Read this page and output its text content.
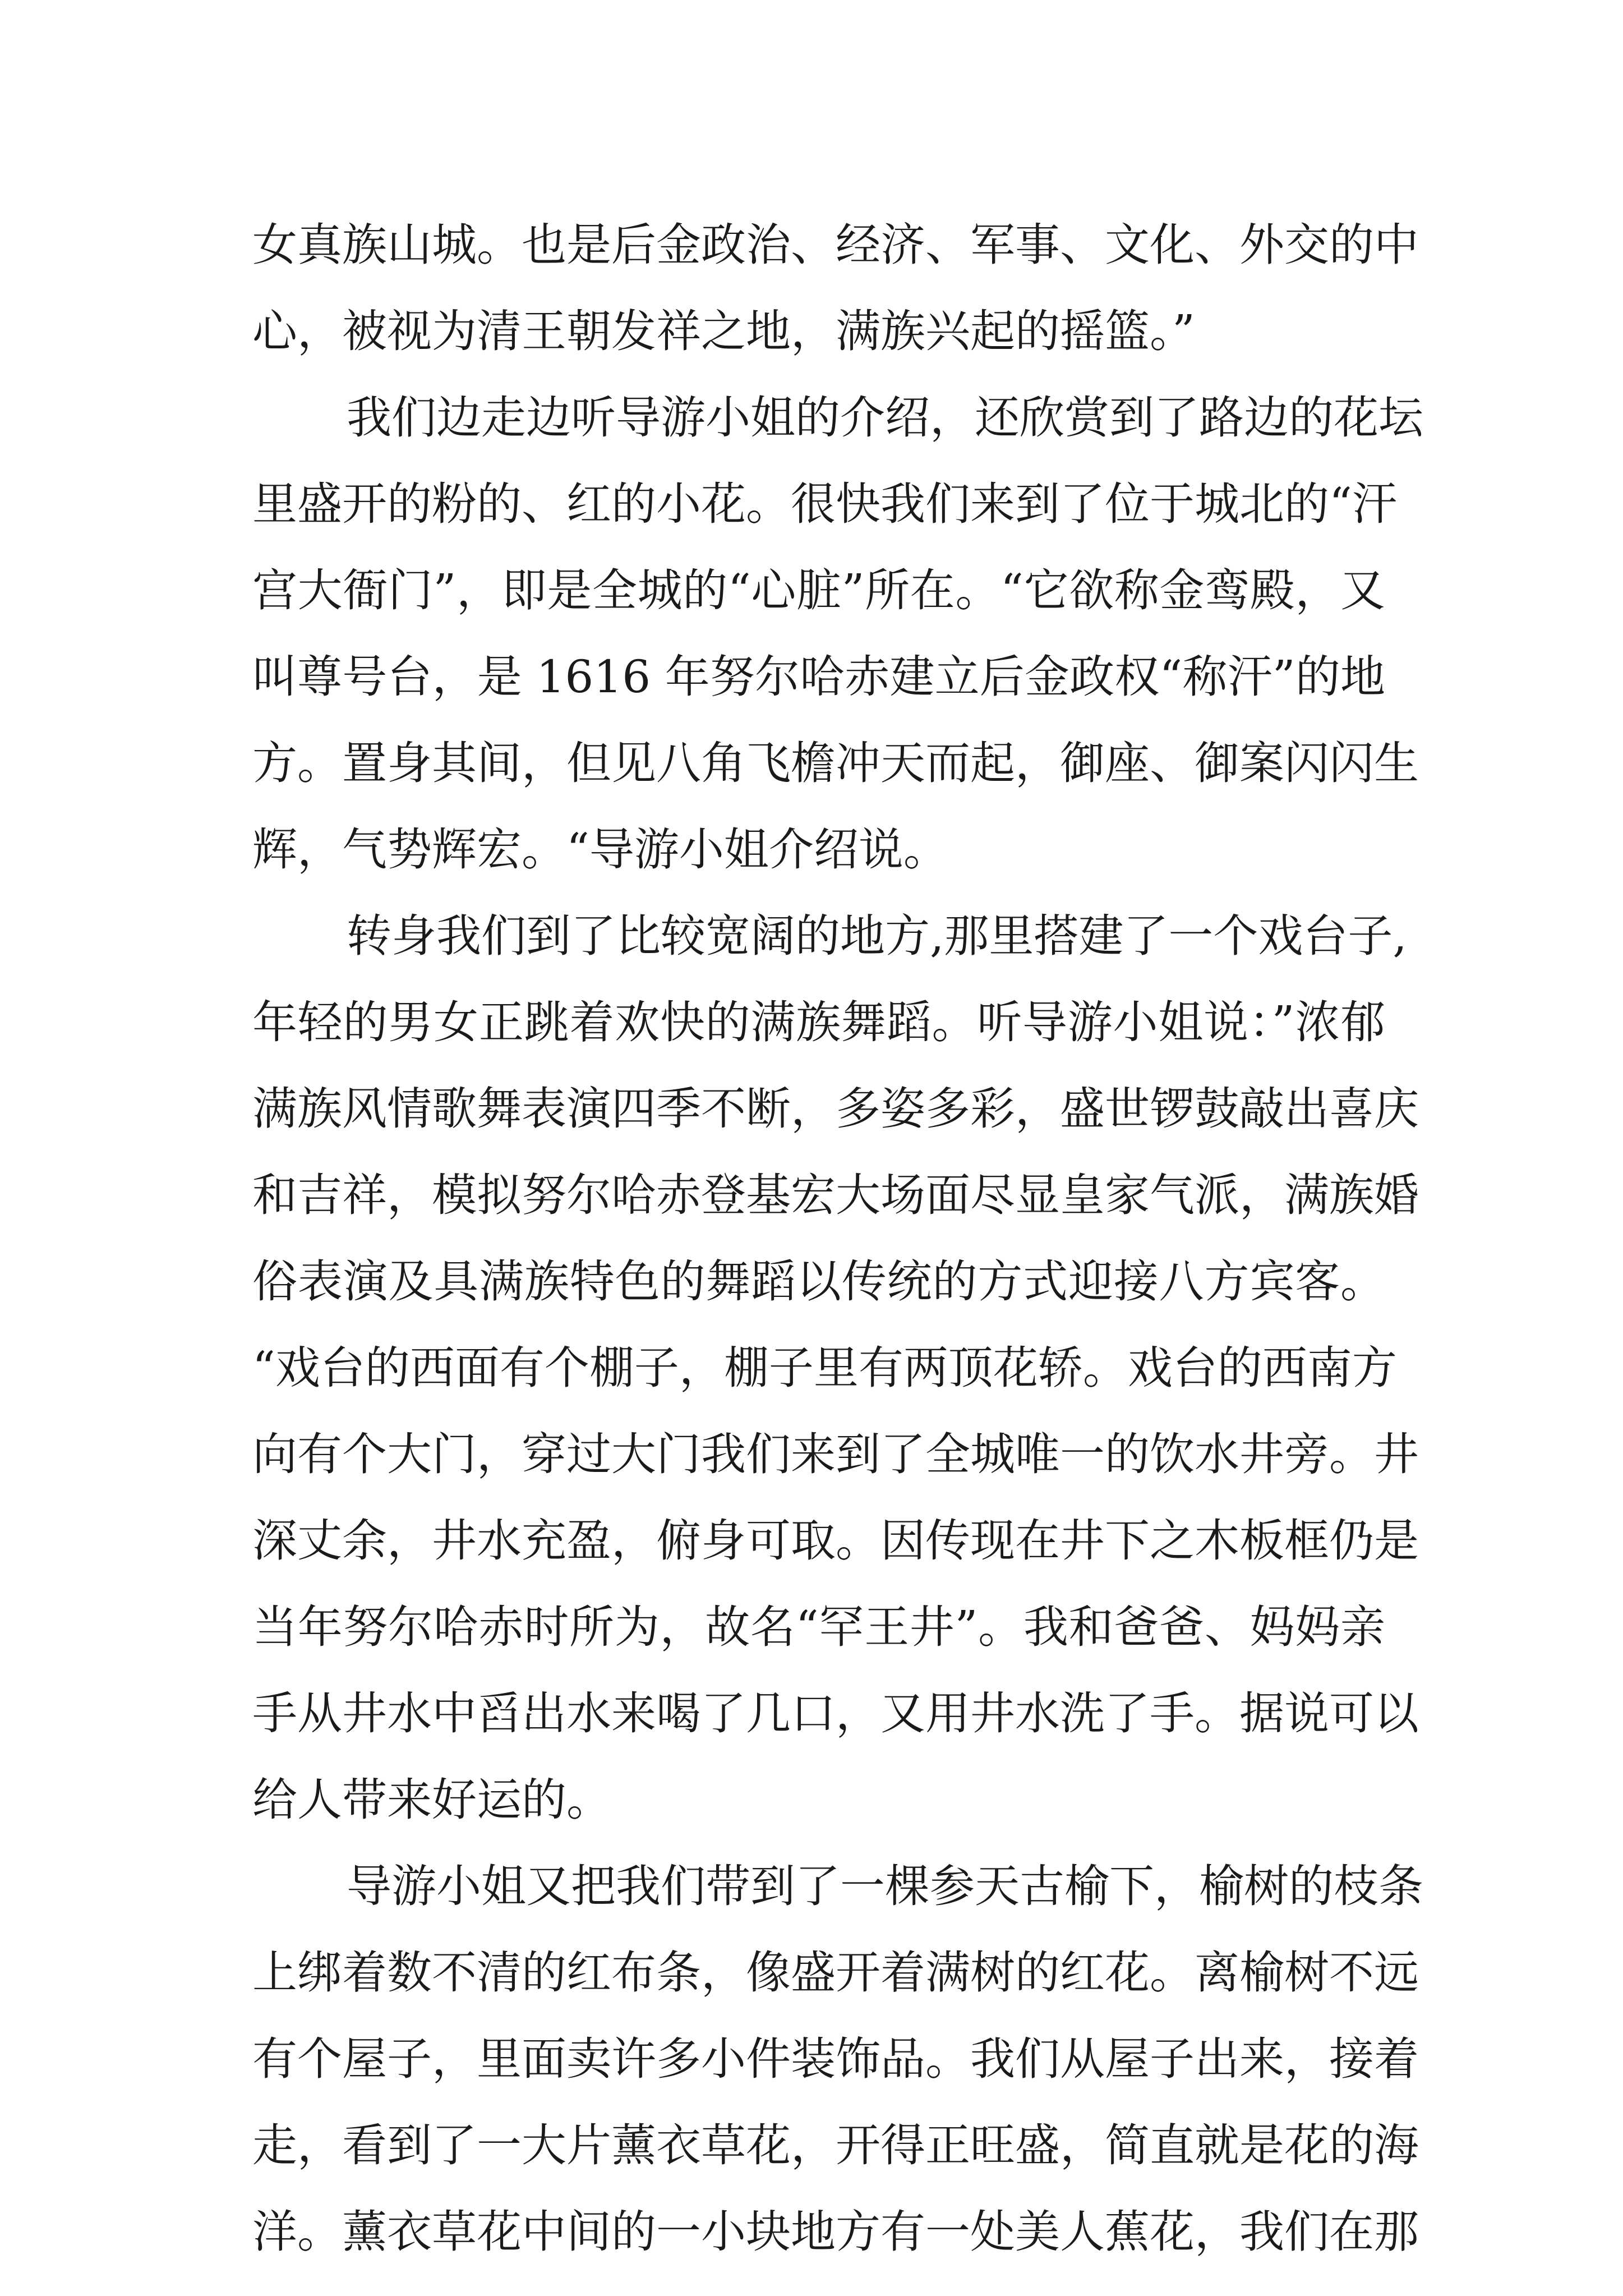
女真族山城。也是后金政治、经济、军事、文化、外交的中
心，被视为清王朝发祥之地，满族兴起的摇篮。”
我们边走边听导游小姐的介绍，还欣赏到了路边的花坛
里盛开的粉的、红的小花。很快我们来到了位于城北的“汗
宫大衙门”，即是全城的“心脏”所在。“它欲称金鸾殿，又
叫尊号台，是 1616 年努尔哈赤建立后金政权“称汗”的地
方。置身其间，但见八角飞檐冲天而起，御座、御案闪闪生
辉，气势辉宏。“导游小姐介绍说。
转身我们到了比较宽阔的地方,那里搭建了一个戏台子,
年轻的男女正跳着欢快的满族舞蹈。听导游小姐说：”浓郁
满族风情歌舞表演四季不断，多姿多彩，盛世锣鼓敲出喜庆
和吉祥，模拟努尔哈赤登基宏大场面尽显皇家气派，满族婚
俗表演及具满族特色的舞蹈以传统的方式迎接八方宾客。
“戏台的西面有个棚子，棚子里有两顶花轿。戏台的西南方
向有个大门，穿过大门我们来到了全城唯一的饮水井旁。井
深丈余，井水充盈，俯身可取。因传现在井下之木板框仍是
当年努尔哈赤时所为，故名“罕王井”。我和爸爸、妈妈亲
手从井水中舀出水来喝了几口，又用井水洗了手。据说可以
给人带来好运的。
导游小姐又把我们带到了一棵参天古榆下，榆树的枝条
上绑着数不清的红布条，像盛开着满树的红花。离榆树不远
有个屋子，里面卖许多小件装饰品。我们从屋子出来，接着
走，看到了一大片薰衣草花，开得正旺盛，简直就是花的海
洋。薰衣草花中间的一小块地方有一处美人蕉花，我们在那
